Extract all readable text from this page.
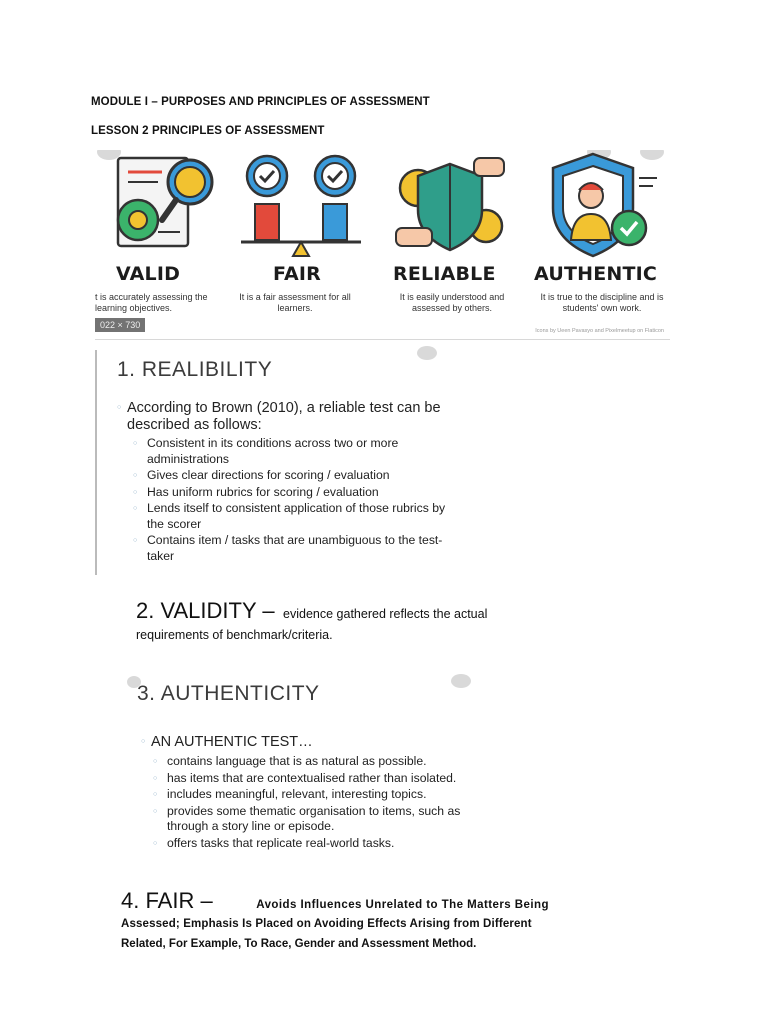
MODULE I – PURPOSES AND PRINCIPLES OF ASSESSMENT
LESSON 2 PRINCIPLES OF ASSESSMENT
VALID	FAIR	RELIABLE AUTHENTIC
t is accurately assessing the learning objectives.
It is a fair assessment for all learners.
It is easily understood and assessed by others.
It is true to the discipline and is students' own work.
022 × 730
Icons by Ueen Pavasyo and Pixelmeetup on Flaticon
1. REALIBILITY
○ According to Brown (2010), a reliable test can be described as follows:
○ Consistent in its conditions across two or more administrations
○ Gives clear directions for scoring / evaluation
○ Has uniform rubrics for scoring / evaluation
○ Lends itself to consistent application of those rubrics by the scorer
○ Contains item / tasks that are unambiguous to the test-taker
2. VALIDITY – evidence gathered reflects the actual
requirements of benchmark/criteria.
3. AUTHENTICITY
○ AN AUTHENTIC TEST…
○ contains language that is as natural as possible.
○ has items that are contextualised rather than isolated.
○ includes meaningful, relevant, interesting topics.
○ provides some thematic organisation to items, such as through a story line or episode.
○ offers tasks that replicate real-world tasks.
4. FAIR –	Avoids Influences Unrelated to The Matters Being
Assessed; Emphasis Is Placed on Avoiding Effects Arising from Different
Related, For Example, To Race, Gender and Assessment Method.
